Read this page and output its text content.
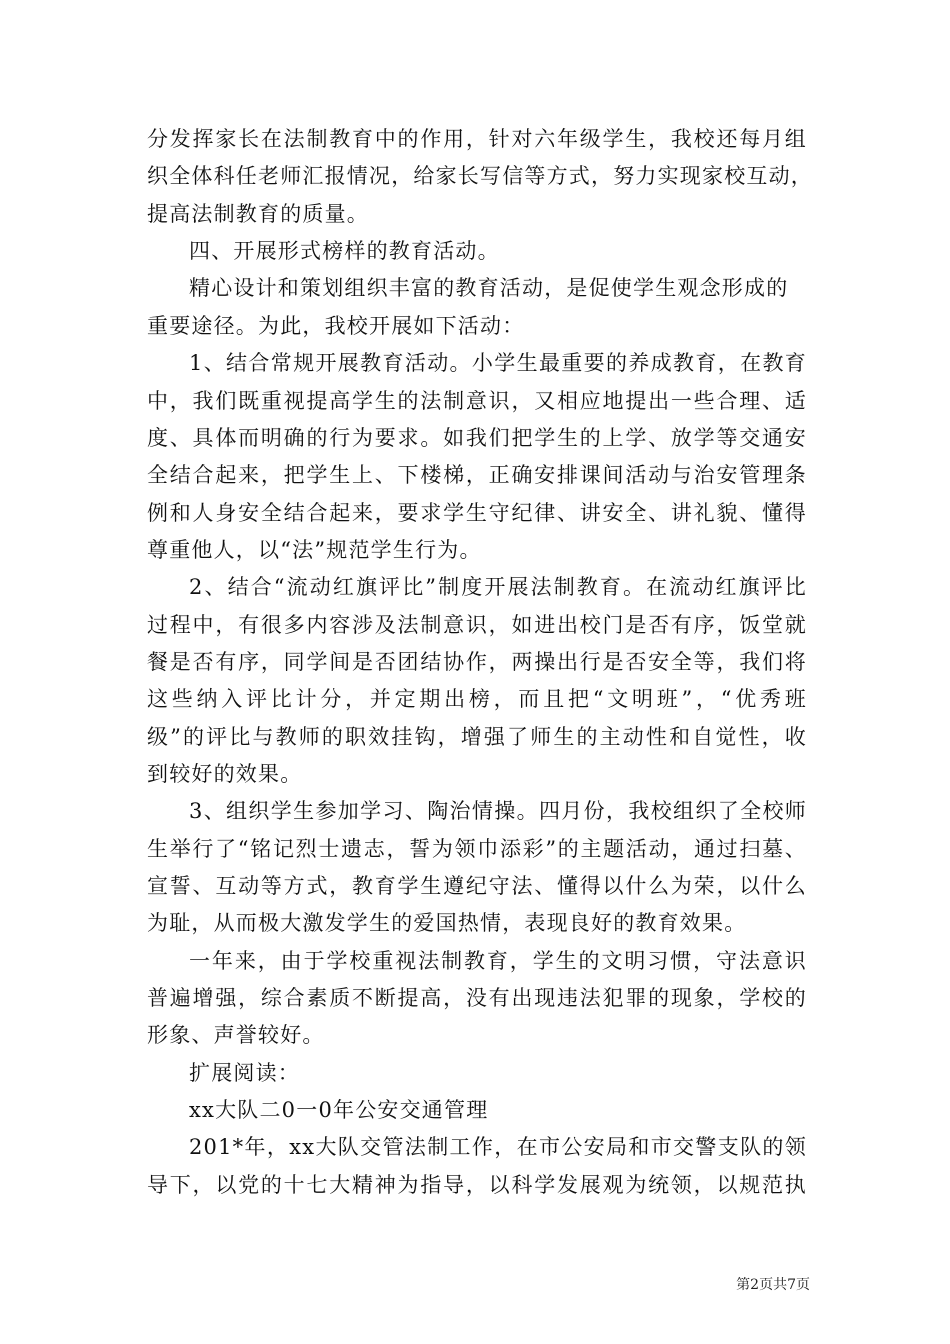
分发挥家长在法制教育中的作用，针对六年级学生，我校还每月组
织全体科任老师汇报情况，给家长写信等方式，努力实现家校互动，
提高法制教育的质量。
四、开展形式榜样的教育活动。
精心设计和策划组织丰富的教育活动，是促使学生观念形成的
重要途径。为此，我校开展如下活动：
1、结合常规开展教育活动。小学生最重要的养成教育，在教育
中，我们既重视提高学生的法制意识，又相应地提出一些合理、适
度、具体而明确的行为要求。如我们把学生的上学、放学等交通安
全结合起来，把学生上、下楼梯，正确安排课间活动与治安管理条
例和人身安全结合起来，要求学生守纪律、讲安全、讲礼貌、懂得
尊重他人，以“法”规范学生行为。
2、结合“流动红旗评比”制度开展法制教育。在流动红旗评比
过程中，有很多内容涉及法制意识，如进出校门是否有序，饭堂就
餐是否有序，同学间是否团结协作，两操出行是否安全等，我们将
这些纳入评比计分，并定期出榜，而且把“文明班”，“优秀班
级”的评比与教师的职效挂钩，增强了师生的主动性和自觉性，收
到较好的效果。
3、组织学生参加学习、陶治情操。四月份，我校组织了全校师
生举行了“铭记烈士遗志，誓为领巾添彩”的主题活动，通过扫墓、
宣誓、互动等方式，教育学生遵纪守法、懂得以什么为荣，以什么
为耻，从而极大激发学生的爱国热情，表现良好的教育效果。
一年来，由于学校重视法制教育，学生的文明习惯，守法意识
普遍增强，综合素质不断提高，没有出现违法犯罪的现象，学校的
形象、声誉较好。
扩展阅读：
xx大队二0一0年公安交通管理
201*年，xx大队交管法制工作，在市公安局和市交警支队的领
导下，以党的十七大精神为指导，以科学发展观为统领，以规范执
第2页共7页
